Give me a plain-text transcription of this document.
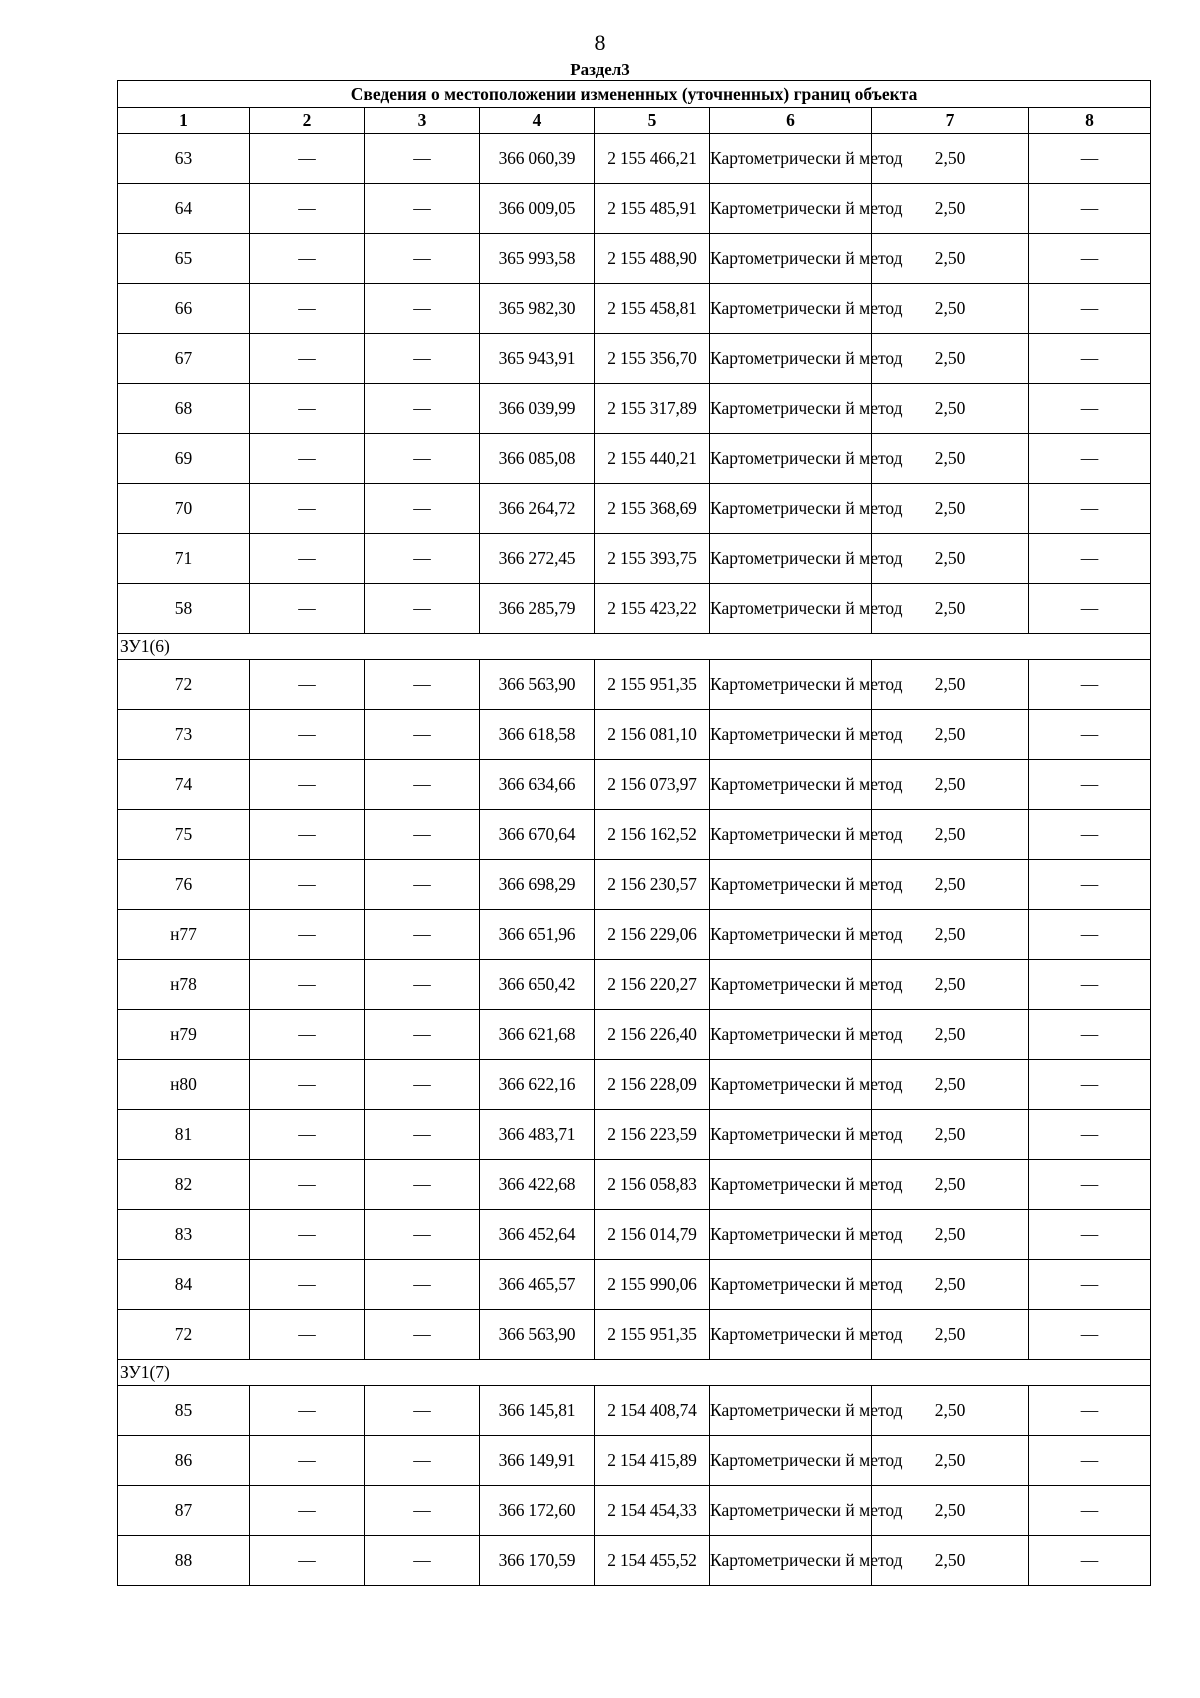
8
Раздел3
Сведения о местоположении измененных (уточненных) границ объекта							
1	2	3	4	5	6	7	8
63	—	—	366 060,39	2 155 466,21	Картометрически й метод	2,50	—
64	—	—	366 009,05	2 155 485,91	Картометрически й метод	2,50	—
65	—	—	365 993,58	2 155 488,90	Картометрически й метод	2,50	—
66	—	—	365 982,30	2 155 458,81	Картометрически й метод	2,50	—
67	—	—	365 943,91	2 155 356,70	Картометрически й метод	2,50	—
68	—	—	366 039,99	2 155 317,89	Картометрически й метод	2,50	—
69	—	—	366 085,08	2 155 440,21	Картометрически й метод	2,50	—
70	—	—	366 264,72	2 155 368,69	Картометрически й метод	2,50	—
71	—	—	366 272,45	2 155 393,75	Картометрически й метод	2,50	—
58	—	—	366 285,79	2 155 423,22	Картометрически й метод	2,50	—
ЗУ1(6)							
72	—	—	366 563,90	2 155 951,35	Картометрически й метод	2,50	—
73	—	—	366 618,58	2 156 081,10	Картометрически й метод	2,50	—
74	—	—	366 634,66	2 156 073,97	Картометрически й метод	2,50	—
75	—	—	366 670,64	2 156 162,52	Картометрически й метод	2,50	—
76	—	—	366 698,29	2 156 230,57	Картометрически й метод	2,50	—
н77	—	—	366 651,96	2 156 229,06	Картометрически й метод	2,50	—
н78	—	—	366 650,42	2 156 220,27	Картометрически й метод	2,50	—
н79	—	—	366 621,68	2 156 226,40	Картометрически й метод	2,50	—
н80	—	—	366 622,16	2 156 228,09	Картометрически й метод	2,50	—
81	—	—	366 483,71	2 156 223,59	Картометрически й метод	2,50	—
82	—	—	366 422,68	2 156 058,83	Картометрически й метод	2,50	—
83	—	—	366 452,64	2 156 014,79	Картометрически й метод	2,50	—
84	—	—	366 465,57	2 155 990,06	Картометрически й метод	2,50	—
72	—	—	366 563,90	2 155 951,35	Картометрически й метод	2,50	—
ЗУ1(7)							
85	—	—	366 145,81	2 154 408,74	Картометрически й метод	2,50	—
86	—	—	366 149,91	2 154 415,89	Картометрически й метод	2,50	—
87	—	—	366 172,60	2 154 454,33	Картометрически й метод	2,50	—
88	—	—	366 170,59	2 154 455,52	Картометрически й метод	2,50	—
